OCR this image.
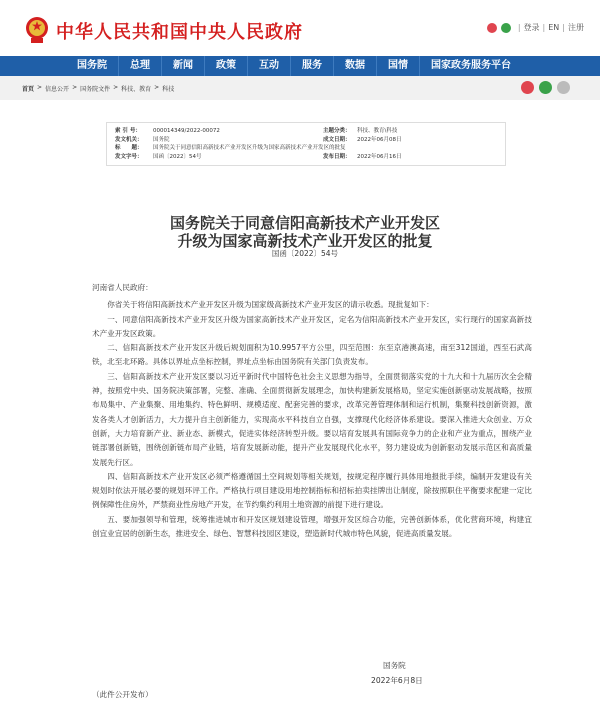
中华人民共和国中央人民政府	| 登录 | EN | 注册
国务院	总理	新闻	政策	互动	服务	数据	国情	国家政务服务平台
首页 > 信息公开 > 国务院文件 > 科技、教育 > 科技
索 引 号：	000014349/2022-00072	主题分类：	科技、教育\科技
发文机关：	国务院	成文日期：	2022年06月08日
标　　题：	国务院关于同意信阳高新技术产业开发区升级为国家高新技术产业开发区的批复
发文字号：	国函〔2022〕54号	发布日期：	2022年06月16日
国务院关于同意信阳高新技术产业开发区
升级为国家高新技术产业开发区的批复
国函〔2022〕54号

河南省人民政府：

你省关于将信阳高新技术产业开发区升级为国家级高新技术产业开发区的请示收悉。现批复如下：

一、同意信阳高新技术产业开发区升级为国家高新技术产业开发区，定名为信阳高新技术产业开发区，实行现行的国家高新技术产业开发区政策。

二、信阳高新技术产业开发区升级后规划面积为10.9957平方公里，四至范围：东至京港澳高速，南至312国道，西至石武高铁，北至北环路。具体以界址点坐标控制，界址点坐标由国务院有关部门负责发布。

三、信阳高新技术产业开发区要以习近平新时代中国特色社会主义思想为指导，全面贯彻落实党的十九大和十九届历次全会精神，按照党中央、国务院决策部署，完整、准确、全面贯彻新发展理念，加快构建新发展格局，坚定实施创新驱动发展战略，按照布局集中、产业集聚、用地集约、特色鲜明、规模适度、配套完善的要求，改革完善管理体制和运行机制，集聚科技创新资源，激发各类人才创新活力，大力提升自主创新能力，实现高水平科技自立自强，支撑现代化经济体系建设。要深入推进大众创业、万众创新，大力培育新产业、新业态、新模式，促进实体经济转型升级。要以培育发展具有国际竞争力的企业和产业为重点，围绕产业链部署创新链，围绕创新链布局产业链，培育发展新动能，提升产业发展现代化水平，努力建设成为创新驱动发展示范区和高质量发展先行区。

四、信阳高新技术产业开发区必须严格遵循国土空间规划等相关规划，按规定程序履行具体用地报批手续，编制开发建设有关规划时依法开展必要的规划环评工作。严格执行项目建设用地控制指标和招标拍卖挂牌出让制度，除按照职住平衡要求配建一定比例保障性住房外，严禁商业性房地产开发，在节约集约利用土地资源的前提下进行建设。

五、要加强领导和管理，统筹推进城市和开发区规划建设管理，增强开发区综合功能，完善创新体系，优化营商环境，构建宜创宜业宜居的创新生态，推进安全、绿色、智慧科技园区建设，塑造新时代城市特色风貌，促进高质量发展。

国务院
2022年6月8日
（此件公开发布）
